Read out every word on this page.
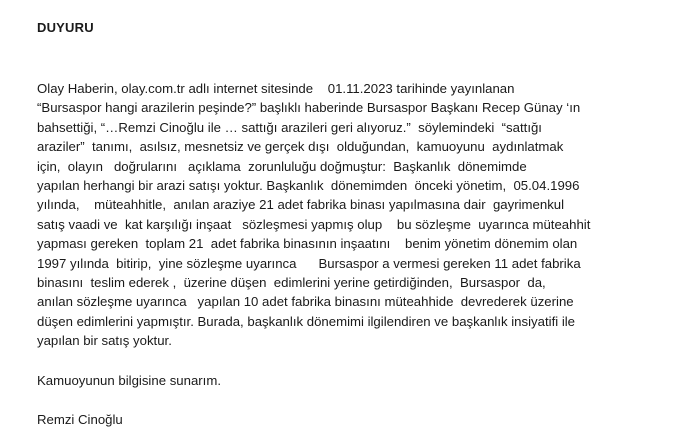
DUYURU
Olay Haberin, olay.com.tr adlı internet sitesinde    01.11.2023 tarihinde yayınlanan
“Bursaspor hangi arazilerin peşinde?” başlıklı haberinde Bursaspor Başkanı Recep Günay ‘ın
bahsettiği, “…Remzi Cinoğlu ile … sattığı arazileri geri alıyoruz.”  söylemindeki  “sattığı
araziler”  tanımı,  asılsız, mesnetsiz ve gerçek dışı  olduğundan,  kamuoyunu  aydınlatmak
için,  olayın   doğrularını   açıklama  zorunluluğu doğmuştur:  Başkanlık  dönemimde
yapılan herhangi bir arazi satışı yoktur. Başkanlık  dönemimden  önceki yönetim,  05.04.1996
yılında,    müteahhitle,  anılan araziye 21 adet fabrika binası yapılmasına dair  gayrimenkul
satış vaadi ve  kat karşılığı inşaat   sözleşmesi yapmış olup    bu sözleşme  uyarınca müteahhit
yapması gereken  toplam 21  adet fabrika binasının inşaatını    benim yönetim dönemim olan
1997 yılında  bitirip,  yine sözleşme uyarınca      Bursaspor a vermesi gereken 11 adet fabrika
binasını  teslim ederek ,  üzerine düşen  edimlerini yerine getirdiğinden,  Bursaspor  da,
anılan sözleşme uyarınca   yapılan 10 adet fabrika binasını müteahhide  devrederek üzerine
düşen edimlerini yapmıştır. Burada, başkanlık dönemimi ilgilendiren ve başkanlık insiyatifi ile
yapılan bir satış yoktur.
Kamuoyunun bilgisine sunarım.
Remzi Cinoğlu
